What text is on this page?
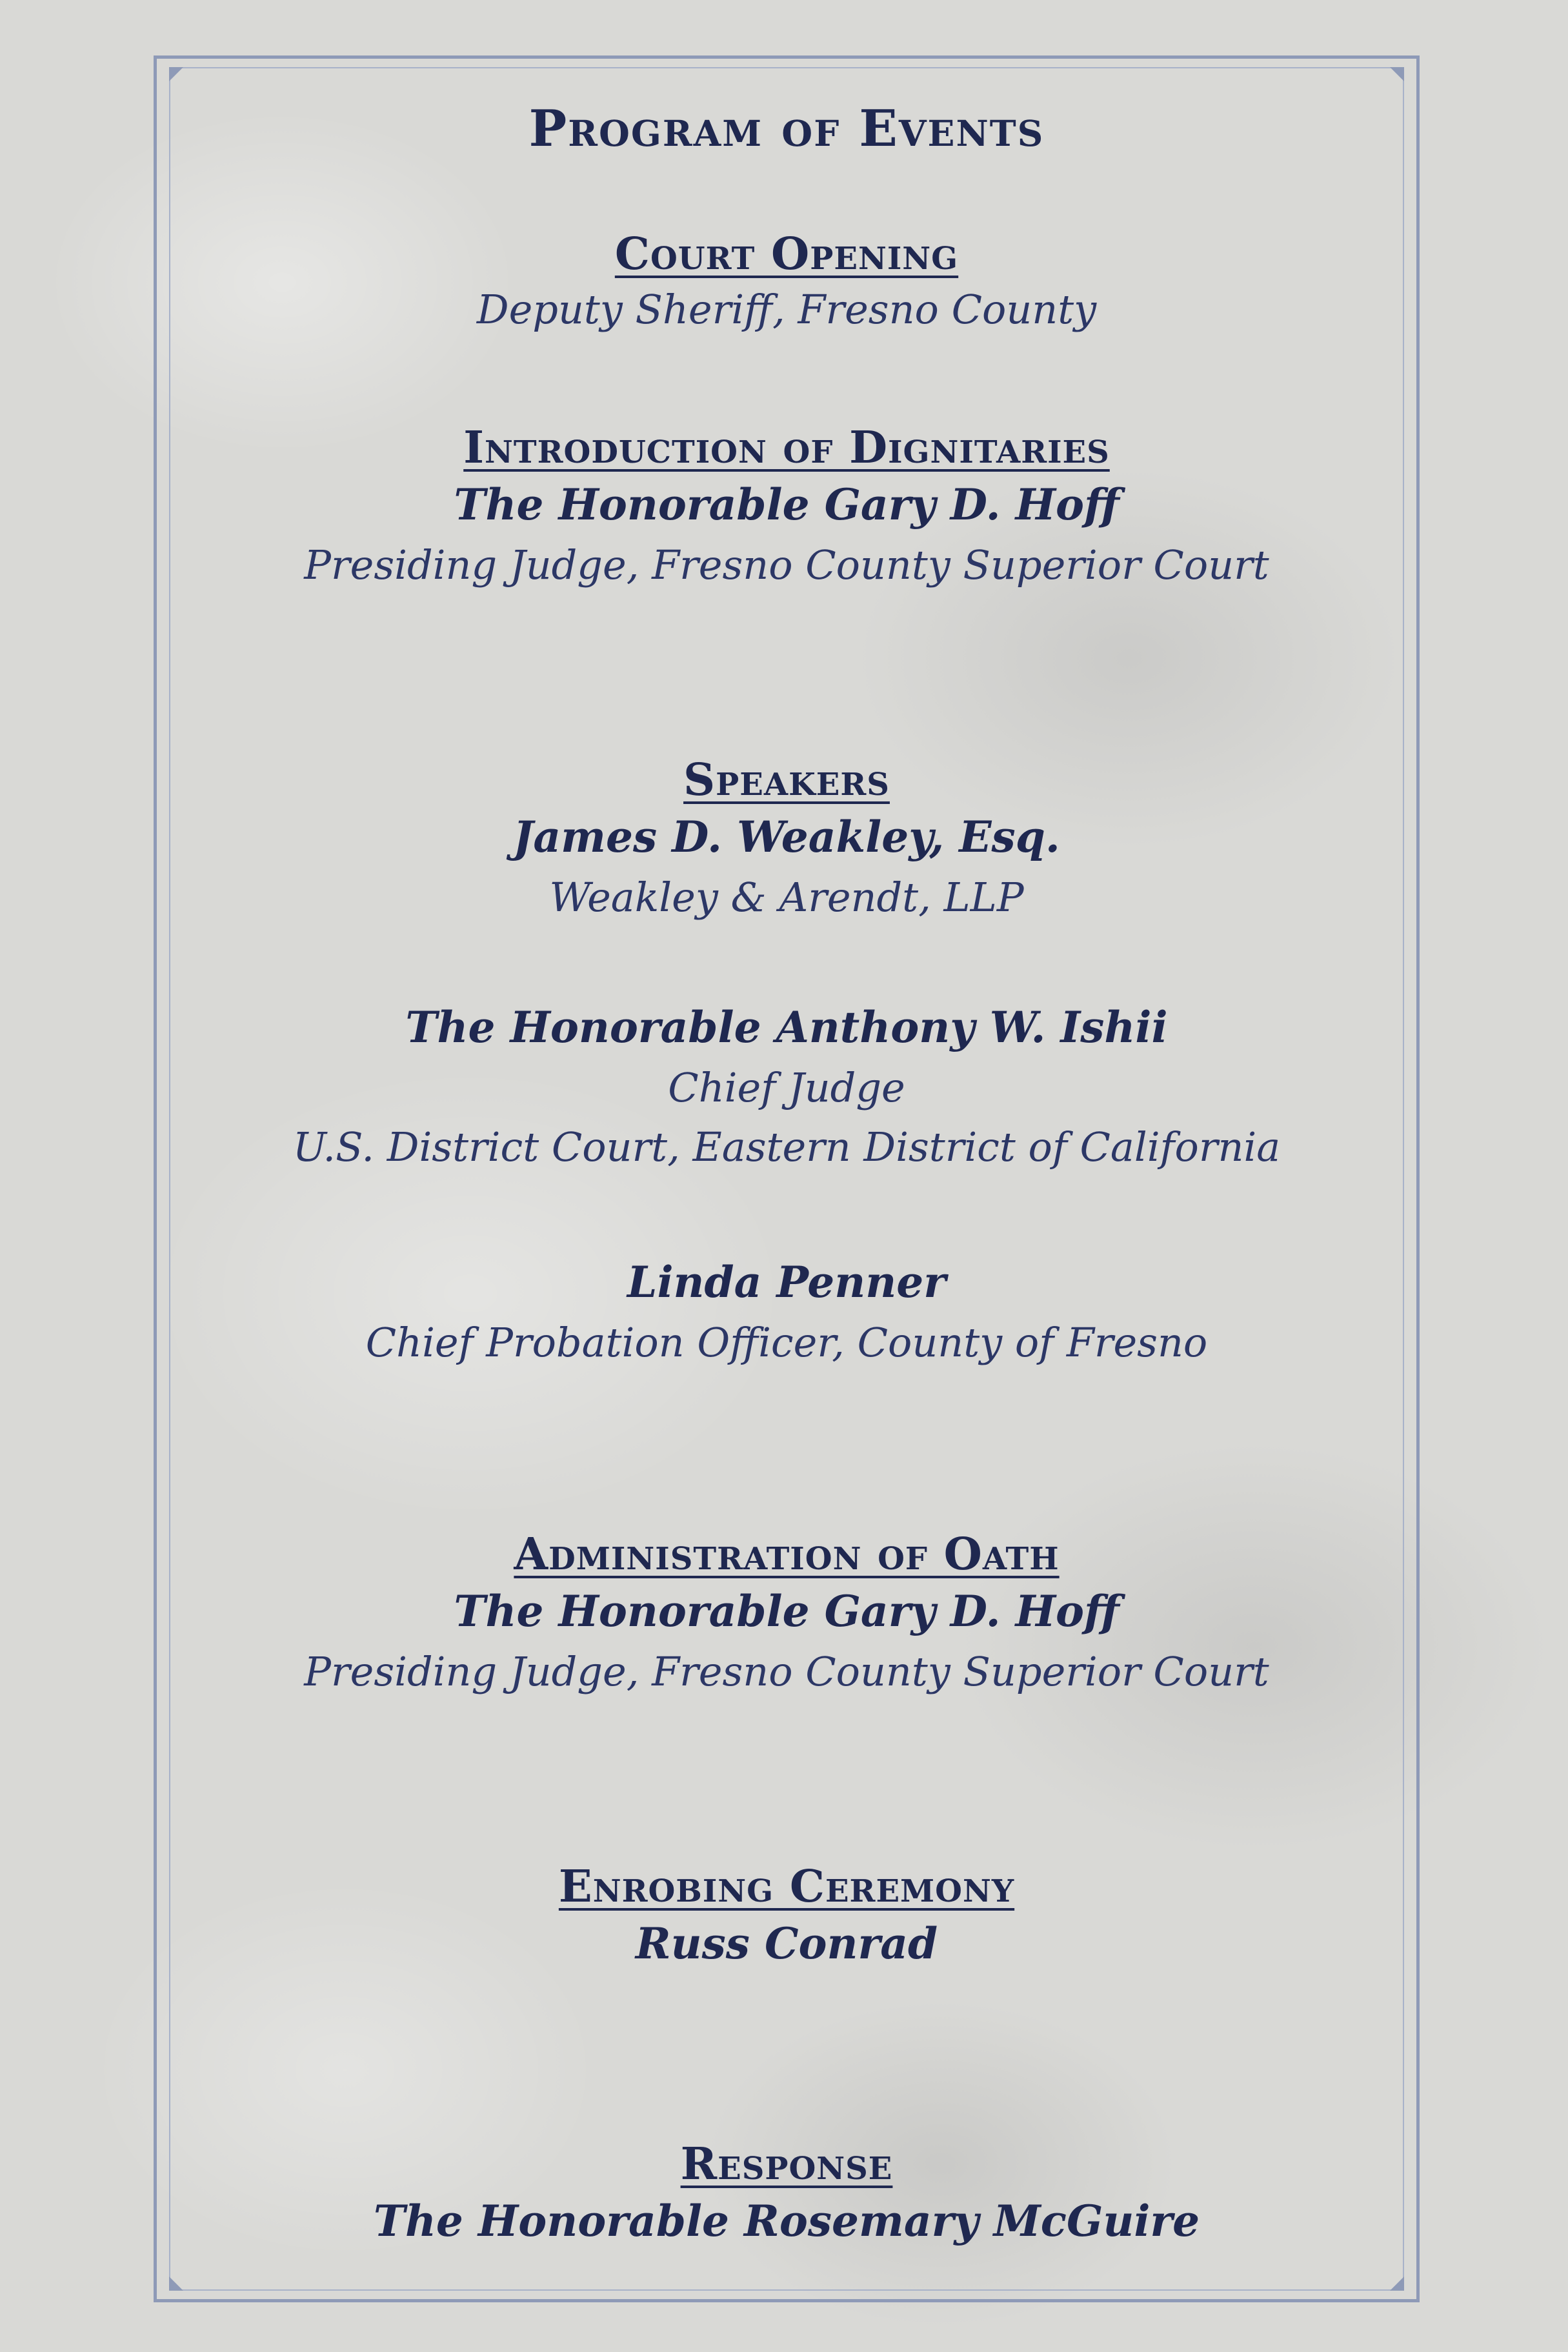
Program of Events
Court Opening
Deputy Sheriff, Fresno County
Introduction of Dignitaries
The Honorable Gary D. Hoff
Presiding Judge, Fresno County Superior Court
Speakers
James D. Weakley, Esq.
Weakley & Arendt, LLP
The Honorable Anthony W. Ishii
Chief Judge
U.S. District Court, Eastern District of California
Linda Penner
Chief Probation Officer, County of Fresno
Administration of Oath
The Honorable Gary D. Hoff
Presiding Judge, Fresno County Superior Court
Enrobing Ceremony
Russ Conrad
Response
The Honorable Rosemary McGuire
